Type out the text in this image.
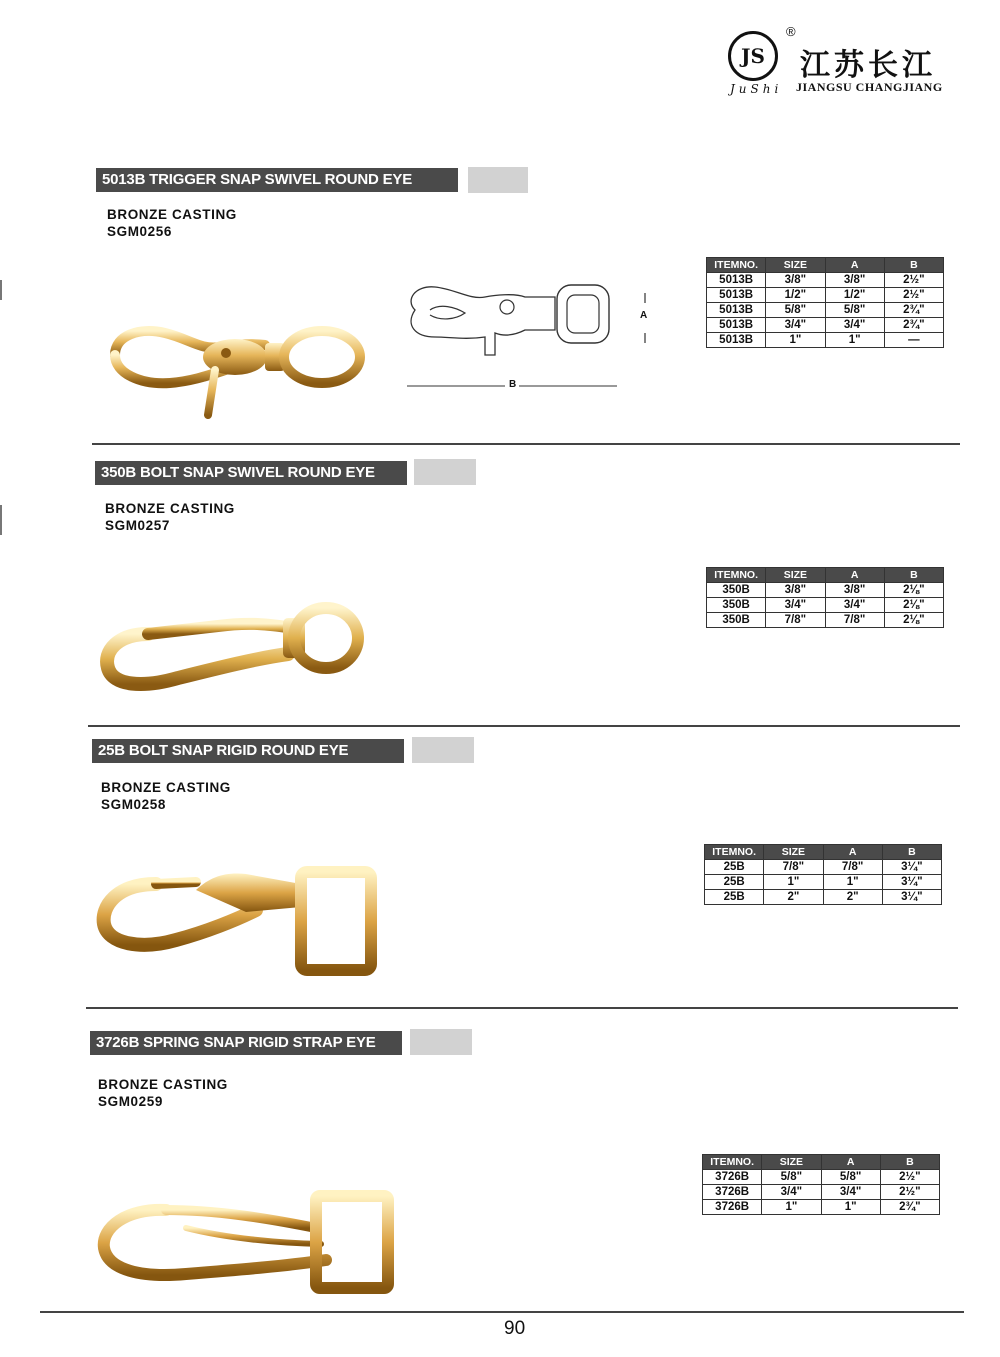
JS
®
JuShi
江苏长江
JIANGSU CHANGJIANG
5013B TRIGGER SNAP SWIVEL ROUND EYE
BRONZE CASTING
SGM0256
A
B
ITEMNO.	SIZE	A	B
5013B	3/8"	3/8"	2½"
5013B	1/2"	1/2"	2½"
5013B	5/8"	5/8"	2¾"
5013B	3/4"	3/4"	2¾"
5013B	1"	1"	—
350B BOLT SNAP SWIVEL ROUND EYE
BRONZE CASTING
SGM0257
ITEMNO.	SIZE	A	B
350B	3/8"	3/8"	2⅛"
350B	3/4"	3/4"	2⅛"
350B	7/8"	7/8"	2⅛"
25B BOLT SNAP RIGID ROUND EYE
BRONZE CASTING
SGM0258
ITEMNO.	SIZE	A	B
25B	7/8"	7/8"	3¼"
25B	1"	1"	3¼"
25B	2"	2"	3¼"
3726B SPRING SNAP RIGID STRAP EYE
BRONZE CASTING
SGM0259
ITEMNO.	SIZE	A	B
3726B	5/8"	5/8"	2½"
3726B	3/4"	3/4"	2½"
3726B	1"	1"	2¾"
90
